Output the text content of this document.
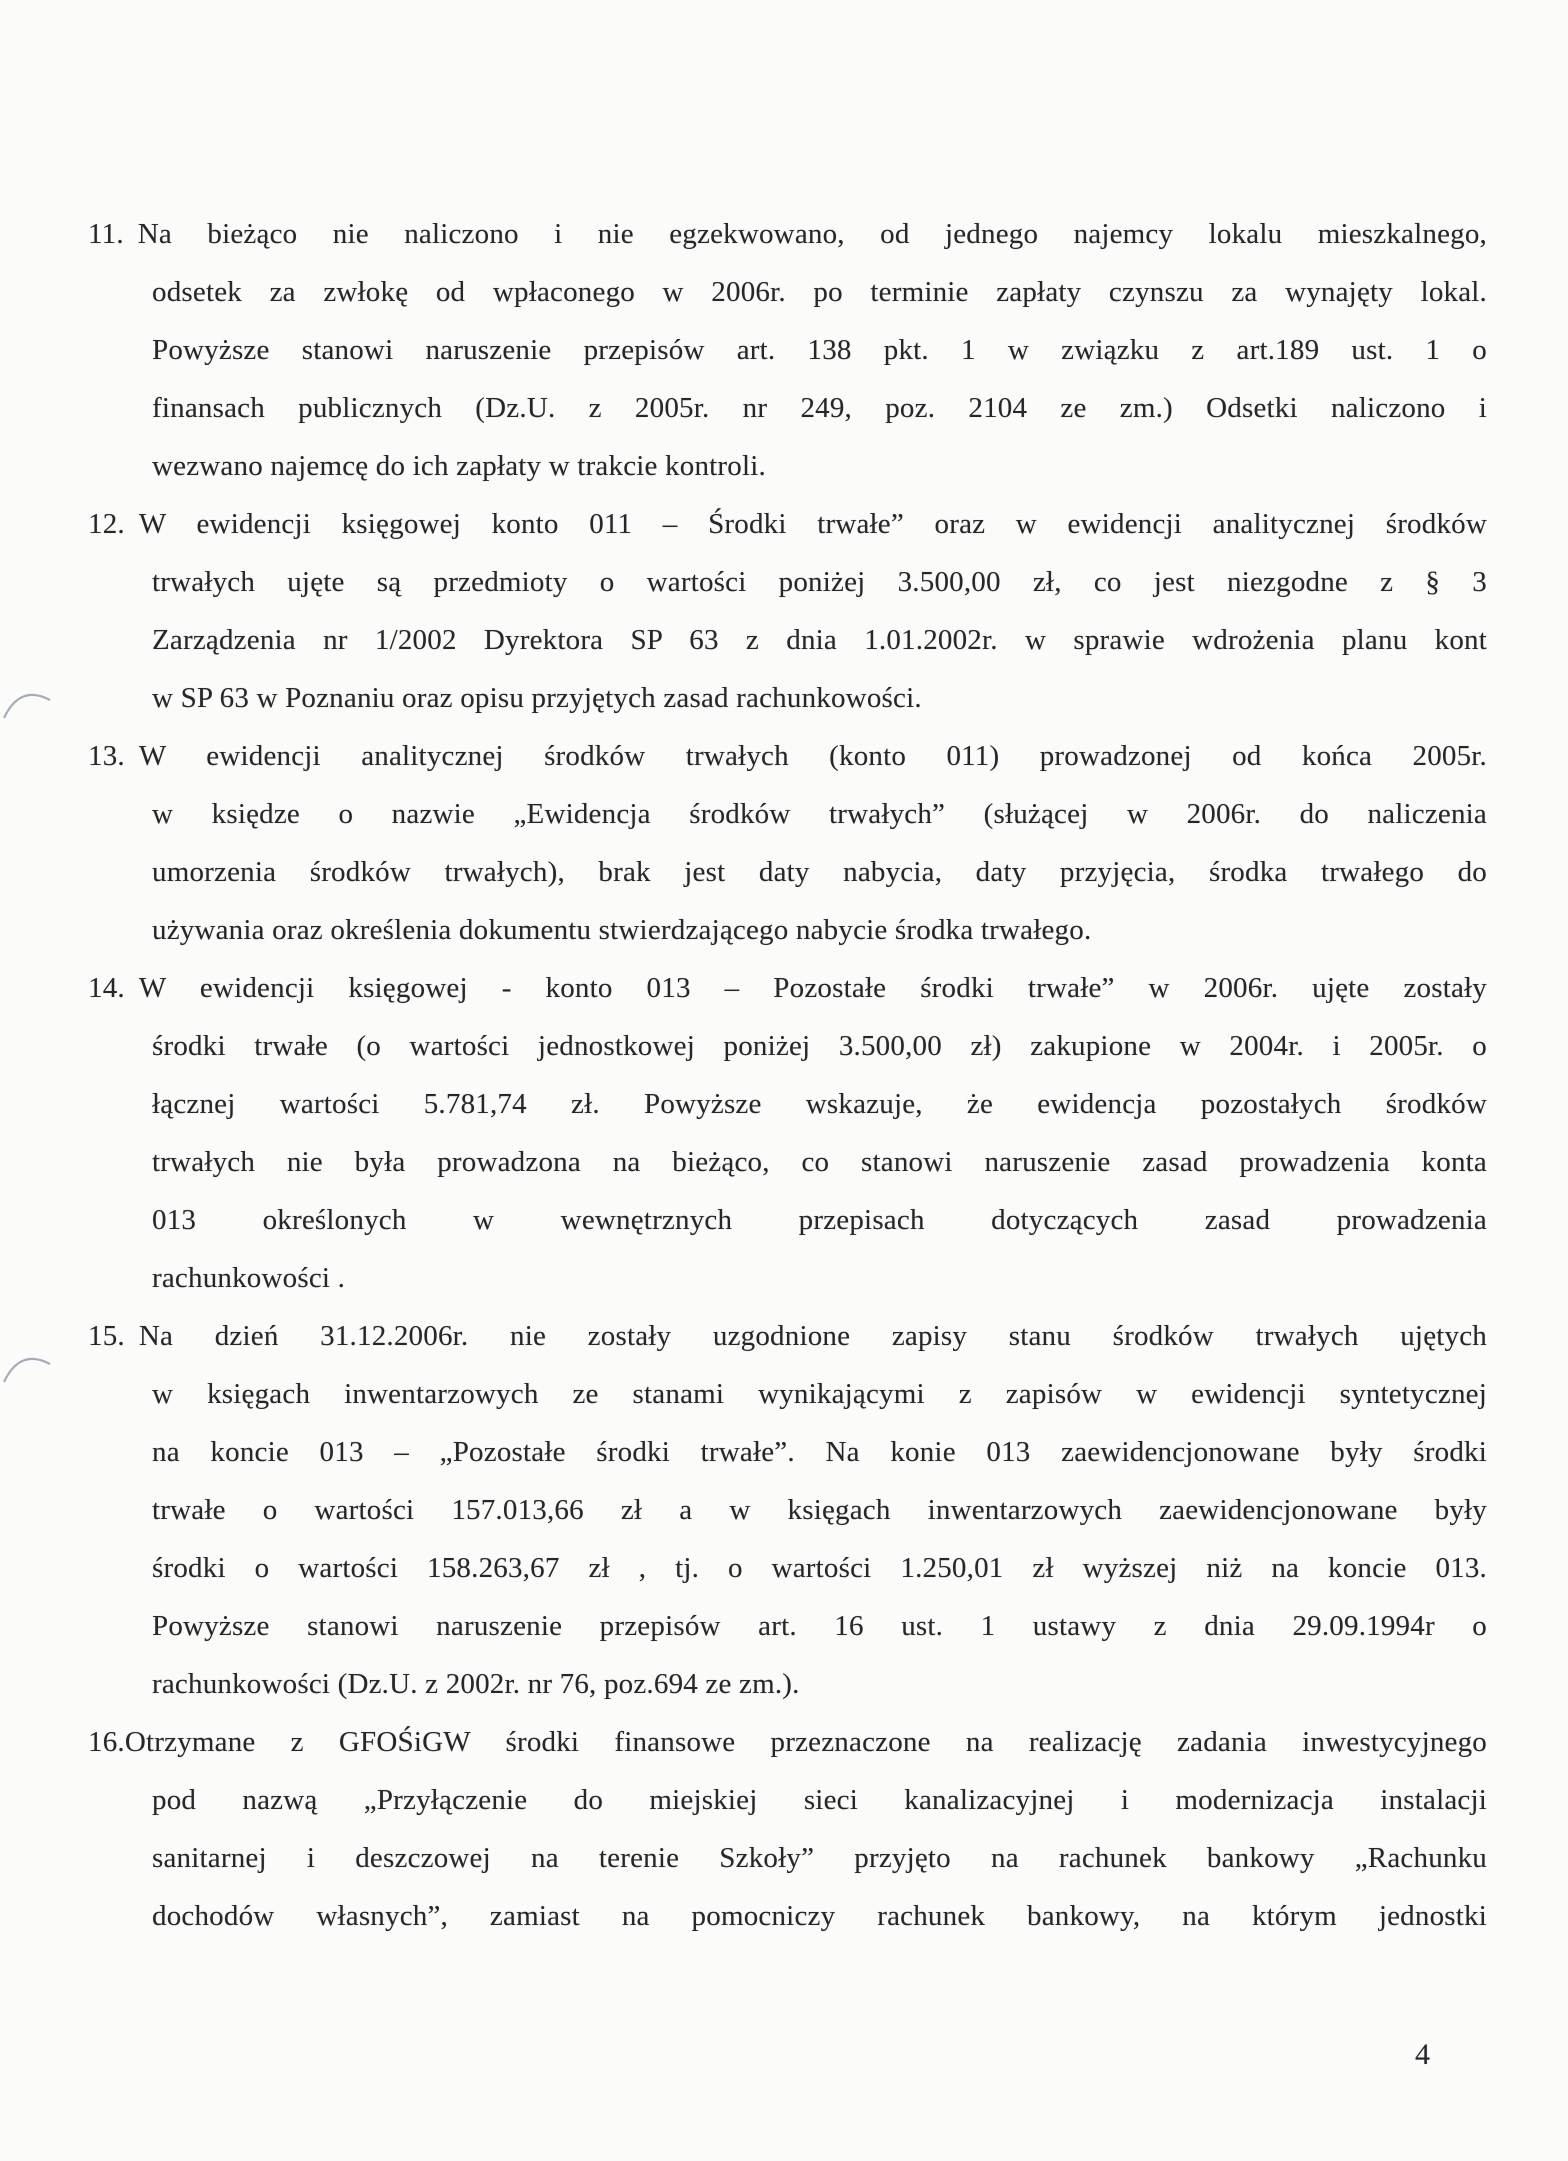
11. Na bieżąco nie naliczono i nie egzekwowano, od jednego najemcy lokalu mieszkalnego,
odsetek za zwłokę od wpłaconego w 2006r. po terminie zapłaty czynszu za wynajęty lokal.
Powyższe stanowi naruszenie przepisów art. 138 pkt. 1 w związku z art.189 ust. 1 o
finansach publicznych (Dz.U. z 2005r. nr 249, poz. 2104 ze zm.) Odsetki naliczono i
wezwano najemcę do ich zapłaty w trakcie kontroli.
12. W ewidencji księgowej konto 011 – Środki trwałe” oraz w ewidencji analitycznej środków
trwałych ujęte są przedmioty o wartości poniżej 3.500,00 zł, co jest niezgodne z § 3
Zarządzenia nr 1/2002 Dyrektora SP 63 z dnia 1.01.2002r. w sprawie wdrożenia planu kont
w SP 63 w Poznaniu oraz opisu przyjętych zasad rachunkowości.
13. W ewidencji analitycznej środków trwałych (konto 011) prowadzonej od końca 2005r.
w księdze o nazwie „Ewidencja środków trwałych” (służącej w 2006r. do naliczenia
umorzenia środków trwałych), brak jest daty nabycia, daty przyjęcia, środka trwałego do
używania oraz określenia dokumentu stwierdzającego nabycie środka trwałego.
14. W ewidencji księgowej - konto 013 – Pozostałe środki trwałe” w 2006r. ujęte zostały
środki trwałe (o wartości jednostkowej poniżej 3.500,00 zł) zakupione w 2004r. i 2005r. o
łącznej wartości 5.781,74 zł. Powyższe wskazuje, że ewidencja pozostałych środków
trwałych nie była prowadzona na bieżąco, co stanowi naruszenie zasad prowadzenia konta
013 określonych w wewnętrznych przepisach dotyczących zasad prowadzenia
rachunkowości .
15. Na dzień 31.12.2006r. nie zostały uzgodnione zapisy stanu środków trwałych ujętych
w księgach inwentarzowych ze stanami wynikającymi z zapisów w ewidencji syntetycznej
na koncie 013 – „Pozostałe środki trwałe”. Na konie 013 zaewidencjonowane były środki
trwałe o wartości 157.013,66 zł a w księgach inwentarzowych zaewidencjonowane były
środki o wartości 158.263,67 zł , tj. o wartości 1.250,01 zł wyższej niż na koncie 013.
Powyższe stanowi naruszenie przepisów art. 16 ust. 1 ustawy z dnia 29.09.1994r o
rachunkowości (Dz.U. z 2002r. nr 76, poz.694 ze zm.).
16.Otrzymane z GFOŚiGW środki finansowe przeznaczone na realizację zadania inwestycyjnego
pod nazwą „Przyłączenie do miejskiej sieci kanalizacyjnej i modernizacja instalacji
sanitarnej i deszczowej na terenie Szkoły” przyjęto na rachunek bankowy „Rachunku
dochodów własnych”, zamiast na pomocniczy rachunek bankowy, na którym jednostki
4
